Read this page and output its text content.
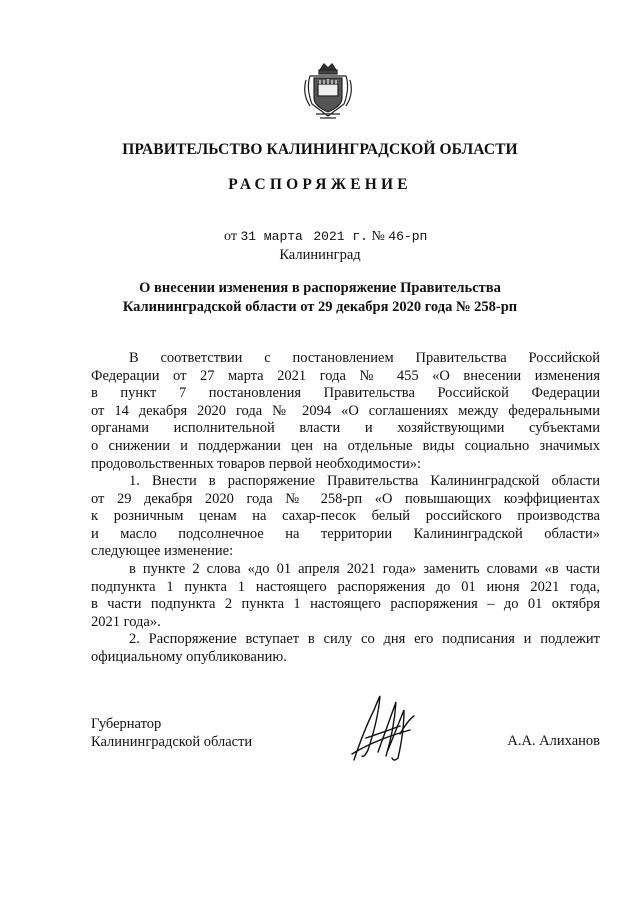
ПРАВИТЕЛЬСТВО КАЛИНИНГРАДСКОЙ ОБЛАСТИ
РАСПОРЯЖЕНИЕ
от 31 марта 2021 г. № 46-рп
Калининград
О внесении изменения в распоряжение Правительства
Калининградской области от 29 декабря 2020 года № 258-рп
В соответствии с постановлением Правительства Российской
Федерации от 27 марта 2021 года № 455 «О внесении изменения
в пункт 7 постановления Правительства Российской Федерации
от 14 декабря 2020 года № 2094 «О соглашениях между федеральными
органами исполнительной власти и хозяйствующими субъектами
о снижении и поддержании цен на отдельные виды социально значимых
продовольственных товаров первой необходимости»:
1. Внести в распоряжение Правительства Калининградской области
от 29 декабря 2020 года № 258-рп «О повышающих коэффициентах
к розничным ценам на сахар-песок белый российского производства
и масло подсолнечное на территории Калининградской области»
следующее изменение:
в пункте 2 слова «до 01 апреля 2021 года» заменить словами «в части
подпункта 1 пункта 1 настоящего распоряжения до 01 июня 2021 года,
в части подпункта 2 пункта 1 настоящего распоряжения – до 01 октября
2021 года».
2. Распоряжение вступает в силу со дня его подписания и подлежит
официальному опубликованию.
Губернатор
Калининградской области	А.А. Алиханов
